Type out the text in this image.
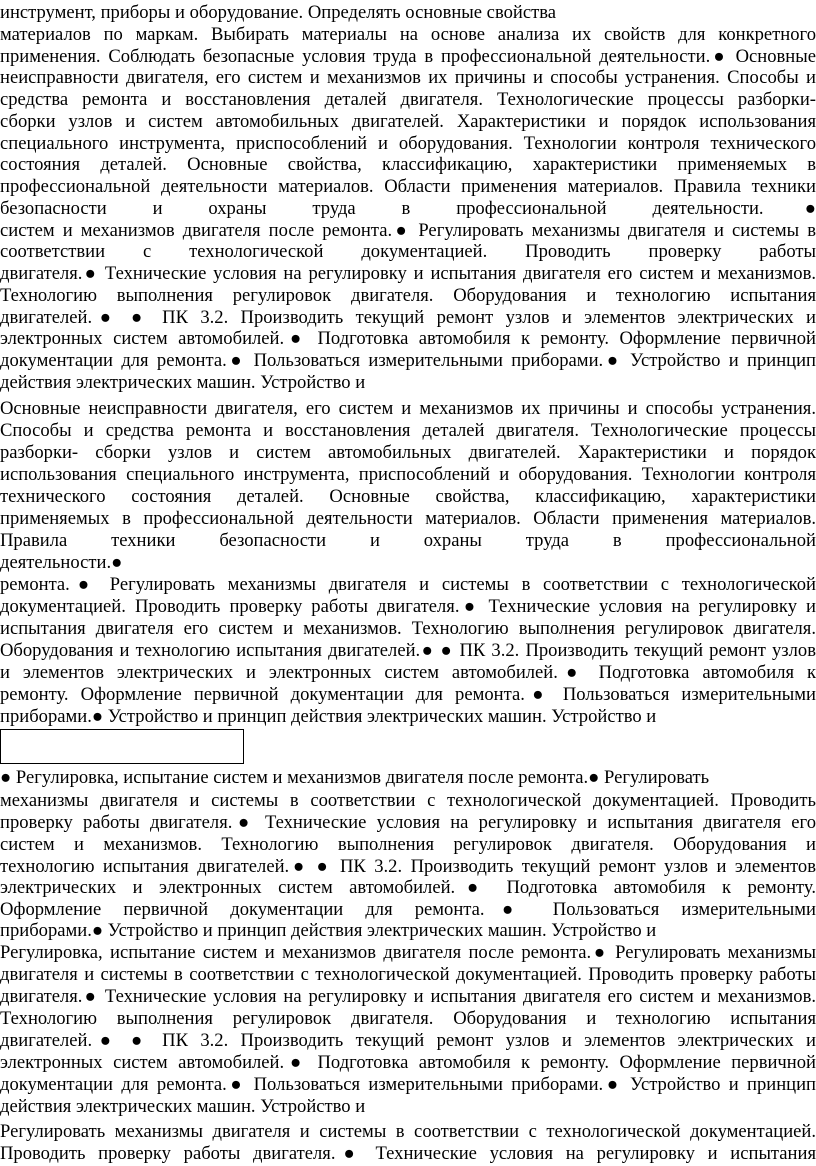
инструмент, приборы и оборудование. Определять основные свойства
материалов по маркам. Выбирать материалы на основе анализа их свойств для конкретного
применения. Соблюдать безопасные условия труда в профессиональной деятельности.● Основные
неисправности двигателя, его систем и механизмов их причины и способы устранения. Способы и
средства ремонта и восстановления деталей двигателя. Технологические процессы разборки-
сборки узлов и систем автомобильных двигателей. Характеристики и порядок использования
специального инструмента, приспособлений и оборудования. Технологии контроля технического
состояния деталей. Основные свойства, классификацию, характеристики применяемых в
профессиональной деятельности материалов. Области применения материалов. Правила техники
безопасности и охраны труда в профессиональной деятельности.●
систем и механизмов двигателя после ремонта.● Регулировать механизмы двигателя и системы в
соответствии с технологической документацией. Проводить проверку работы
двигателя.● Технические условия на регулировку и испытания двигателя его систем и механизмов.
Технологию выполнения регулировок двигателя. Оборудования и технологию испытания
двигателей.● ● ПК 3.2. Производить текущий ремонт узлов и элементов электрических и
электронных систем автомобилей.● Подготовка автомобиля к ремонту. Оформление первичной
документации для ремонта.● Пользоваться измерительными приборами.● Устройство и принцип
действия электрических машин. Устройство и
Основные неисправности двигателя, его систем и механизмов их причины и способы устранения.
Способы и средства ремонта и восстановления деталей двигателя. Технологические процессы
разборки- сборки узлов и систем автомобильных двигателей. Характеристики и порядок
использования специального инструмента, приспособлений и оборудования. Технологии контроля
технического состояния деталей. Основные свойства, классификацию, характеристики
применяемых в профессиональной деятельности материалов. Области применения материалов.
Правила техники безопасности и охраны труда в профессиональной
деятельности.●
ремонта.● Регулировать механизмы двигателя и системы в соответствии с технологической
документацией. Проводить проверку работы двигателя.● Технические условия на регулировку и
испытания двигателя его систем и механизмов. Технологию выполнения регулировок двигателя.
Оборудования и технологию испытания двигателей.● ● ПК 3.2. Производить текущий ремонт узлов
и элементов электрических и электронных систем автомобилей.● Подготовка автомобиля к
ремонту. Оформление первичной документации для ремонта.● Пользоваться измерительными
приборами.● Устройство и принцип действия электрических машин. Устройство и
● Регулировка, испытание систем и механизмов двигателя после ремонта.● Регулировать
механизмы двигателя и системы в соответствии с технологической документацией. Проводить
проверку работы двигателя.● Технические условия на регулировку и испытания двигателя его
систем и механизмов. Технологию выполнения регулировок двигателя. Оборудования и
технологию испытания двигателей.● ● ПК 3.2. Производить текущий ремонт узлов и элементов
электрических и электронных систем автомобилей.● Подготовка автомобиля к ремонту.
Оформление первичной документации для ремонта.● Пользоваться измерительными
приборами.● Устройство и принцип действия электрических машин. Устройство и
Регулировка, испытание систем и механизмов двигателя после ремонта.● Регулировать механизмы
двигателя и системы в соответствии с технологической документацией. Проводить проверку работы
двигателя.● Технические условия на регулировку и испытания двигателя его систем и механизмов.
Технологию выполнения регулировок двигателя. Оборудования и технологию испытания
двигателей.● ● ПК 3.2. Производить текущий ремонт узлов и элементов электрических и
электронных систем автомобилей.● Подготовка автомобиля к ремонту. Оформление первичной
документации для ремонта.● Пользоваться измерительными приборами.● Устройство и принцип
действия электрических машин. Устройство и
Регулировать механизмы двигателя и системы в соответствии с технологической документацией.
Проводить проверку работы двигателя.● Технические условия на регулировку и испытания
